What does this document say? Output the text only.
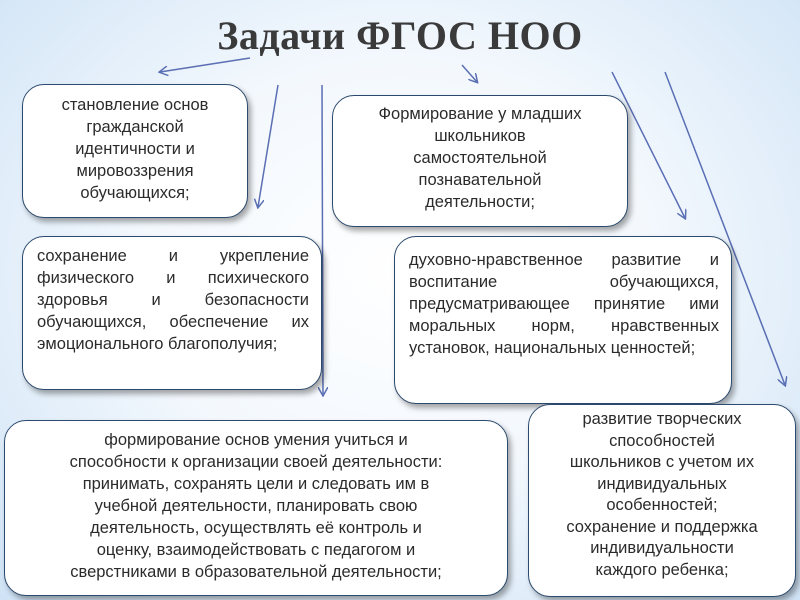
Задачи ФГОС НОО
становление основ
гражданской
идентичности и
мировоззрения
обучающихся;
Формирование у младших
школьников
самостоятельной
познавательной
деятельности;
сохранение и укрепление физического и психического здоровья и безопасности обучающихся, обеспечение их эмоционального благополучия;
духовно-нравственное развитие и воспитание обучающихся, предусматривающее принятие ими моральных норм, нравственных установок, национальных ценностей;
формирование основ умения учиться и
способности к организации своей деятельности:
принимать, сохранять цели и следовать им в
учебной деятельности, планировать свою
деятельность, осуществлять её контроль и
оценку, взаимодействовать с педагогом и
сверстниками в образовательной деятельности;
развитие творческих
способностей
школьников с учетом их
индивидуальных
особенностей;
сохранение и поддержка
индивидуальности
каждого ребенка;
